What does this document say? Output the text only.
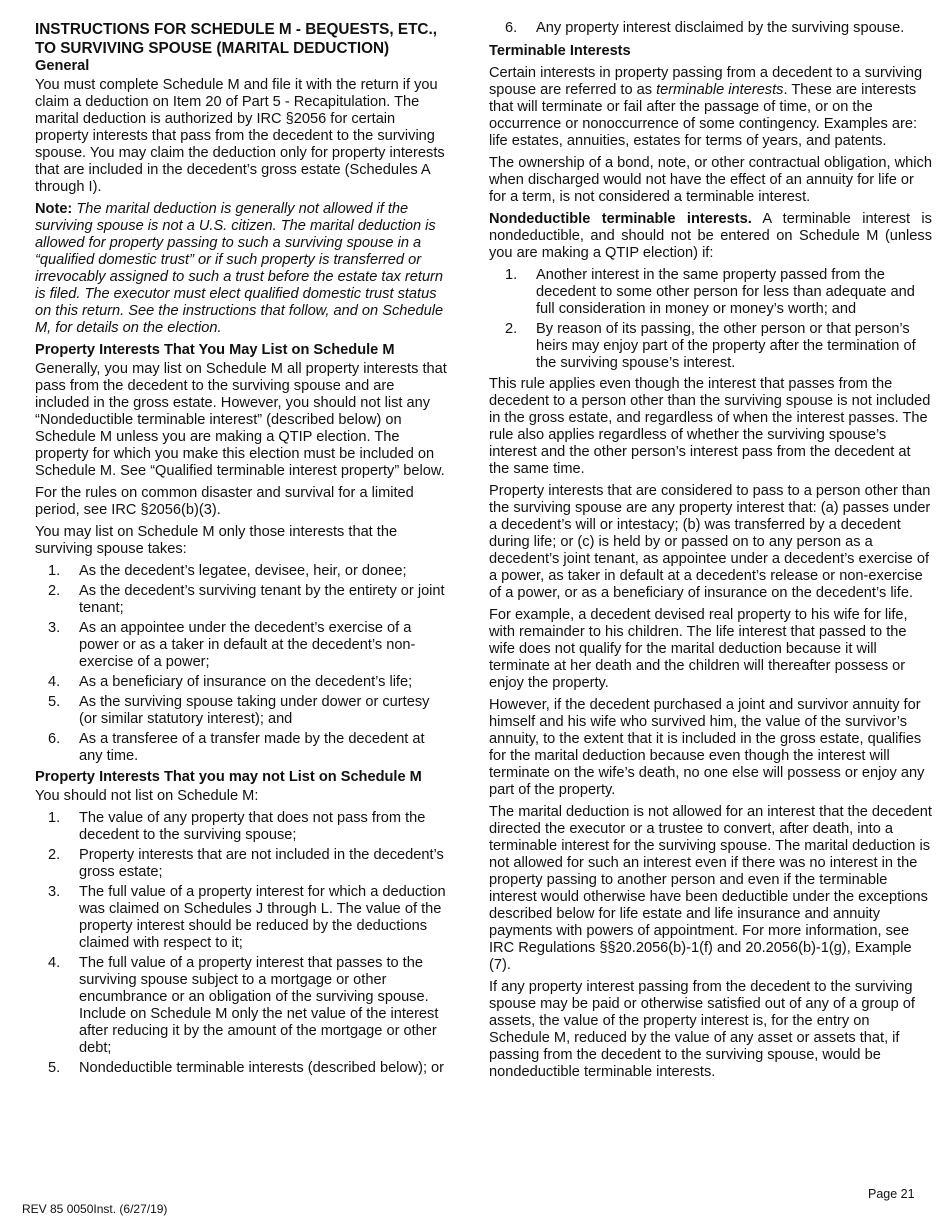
INSTRUCTIONS FOR SCHEDULE M - BEQUESTS, ETC.,
TO SURVIVING SPOUSE (MARITAL DEDUCTION)
General

You must complete Schedule M and file it with the return if you claim a deduction on Item 20 of Part 5 - Recapitulation. The marital deduction is authorized by IRC §2056 for certain property interests that pass from the decedent to the surviving spouse. You may claim the deduction only for property interests that are included in the decedent’s gross estate (Schedules A through I).

Note: The marital deduction is generally not allowed if the surviving spouse is not a U.S. citizen. The marital deduction is allowed for property passing to such a surviving spouse in a “qualified domestic trust” or if such property is transferred or irrevocably assigned to such a trust before the estate tax return is filed. The executor must elect qualified domestic trust status on this return. See the instructions that follow, and on Schedule M, for details on the election.

Property Interests That You May List on Schedule M

Generally, you may list on Schedule M all property interests that pass from the decedent to the surviving spouse and are included in the gross estate. However, you should not list any “Nondeductible terminable interest” (described below) on Schedule M unless you are making a QTIP election. The property for which you make this election must be included on Schedule M. See “Qualified terminable interest property” below.

For the rules on common disaster and survival for a limited period, see IRC §2056(b)(3).

You may list on Schedule M only those interests that the surviving spouse takes:

1. As the decedent’s legatee, devisee, heir, or donee;
2. As the decedent’s surviving tenant by the entirety or joint tenant;
3. As an appointee under the decedent’s exercise of a power or as a taker in default at the decedent’s non-exercise of a power;
4. As a beneficiary of insurance on the decedent’s life;
5. As the surviving spouse taking under dower or curtesy (or similar statutory interest); and
6. As a transferee of a transfer made by the decedent at any time.
Property Interests That you may not List on Schedule M

You should not list on Schedule M:

1. The value of any property that does not pass from the decedent to the surviving spouse;
2. Property interests that are not included in the decedent’s gross estate;
3. The full value of a property interest for which a deduction was claimed on Schedules J through L. The value of the property interest should be reduced by the deductions claimed with respect to it;
4. The full value of a property interest that passes to the surviving spouse subject to a mortgage or other encumbrance or an obligation of the surviving spouse. Include on Schedule M only the net value of the interest after reducing it by the amount of the mortgage or other debt;
5. Nondeductible terminable interests (described below); or
6. Any property interest disclaimed by the surviving spouse.
Terminable Interests

Certain interests in property passing from a decedent to a surviving spouse are referred to as terminable interests. These are interests that will terminate or fail after the passage of time, or on the occurrence or nonoccurrence of some contingency. Examples are: life estates, annuities, estates for terms of years, and patents.

The ownership of a bond, note, or other contractual obligation, which when discharged would not have the effect of an annuity for life or for a term, is not considered a terminable interest.

Nondeductible terminable interests. A terminable interest is nondeductible, and should not be entered on Schedule M (unless you are making a QTIP election) if:

1. Another interest in the same property passed from the decedent to some other person for less than adequate and full consideration in money or money’s worth; and
2. By reason of its passing, the other person or that person’s heirs may enjoy part of the property after the termination of the surviving spouse’s interest.

This rule applies even though the interest that passes from the decedent to a person other than the surviving spouse is not included in the gross estate, and regardless of when the interest passes. The rule also applies regardless of whether the surviving spouse’s interest and the other person’s interest pass from the decedent at the same time.

Property interests that are considered to pass to a person other than the surviving spouse are any property interest that: (a) passes under a decedent’s will or intestacy; (b) was transferred by a decedent during life; or (c) is held by or passed on to any person as a decedent’s joint tenant, as appointee under a decedent’s exercise of a power, as taker in default at a decedent’s release or non-exercise of a power, or as a beneficiary of insurance on the decedent’s life.

For example, a decedent devised real property to his wife for life, with remainder to his children. The life interest that passed to the wife does not qualify for the marital deduction because it will terminate at her death and the children will thereafter possess or enjoy the property.

However, if the decedent purchased a joint and survivor annuity for himself and his wife who survived him, the value of the survivor’s annuity, to the extent that it is included in the gross estate, qualifies for the marital deduction because even though the interest will terminate on the wife’s death, no one else will possess or enjoy any part of the property.

The marital deduction is not allowed for an interest that the decedent directed the executor or a trustee to convert, after death, into a terminable interest for the surviving spouse. The marital deduction is not allowed for such an interest even if there was no interest in the property passing to another person and even if the terminable interest would otherwise have been deductible under the exceptions described below for life estate and life insurance and annuity payments with powers of appointment. For more information, see IRC Regulations §§20.2056(b)-1(f) and 20.2056(b)-1(g), Example (7).

If any property interest passing from the decedent to the surviving spouse may be paid or otherwise satisfied out of any of a group of assets, the value of the property interest is, for the entry on Schedule M, reduced by the value of any asset or assets that, if passing from the decedent to the surviving spouse, would be nondeductible terminable interests.

Page 21
REV 85 0050Inst. (6/27/19)
